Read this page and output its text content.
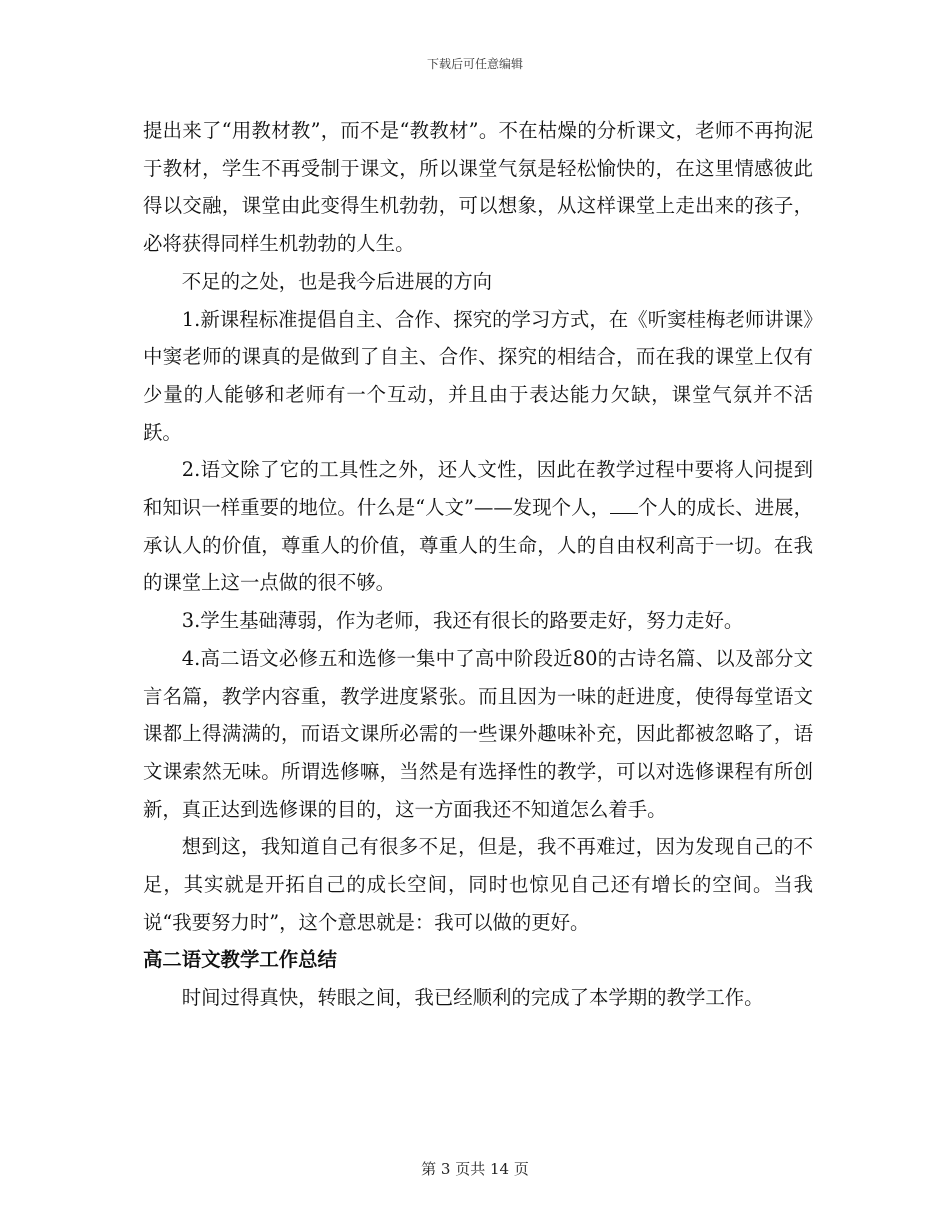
下载后可任意编辑

提出来了“用教材教”，而不是“教教材”。不在枯燥的分析课文，老师不再拘泥于教材，学生不再受制于课文，所以课堂气氛是轻松愉快的，在这里情感彼此得以交融，课堂由此变得生机勃勃，可以想象，从这样课堂上走出来的孩子，必将获得同样生机勃勃的人生。

不足的之处，也是我今后进展的方向

1.新课程标准提倡自主、合作、探究的学习方式，在《听窦桂梅老师讲课》中窦老师的课真的是做到了自主、合作、探究的相结合，而在我的课堂上仅有少量的人能够和老师有一个互动，并且由于表达能力欠缺，课堂气氛并不活跃。

2.语文除了它的工具性之外，还人文性，因此在教学过程中要将人问提到和知识一样重要的地位。什么是“人文”——发现个人， 个人的成长、进展，承认人的价值，尊重人的价值，尊重人的生命，人的自由权利高于一切。在我的课堂上这一点做的很不够。

3.学生基础薄弱，作为老师，我还有很长的路要走好，努力走好。

4.高二语文必修五和选修一集中了高中阶段近80的古诗名篇、以及部分文言名篇，教学内容重，教学进度紧张。而且因为一味的赶进度，使得每堂语文课都上得满满的，而语文课所必需的一些课外趣味补充，因此都被忽略了，语文课索然无味。所谓选修嘛，当然是有选择性的教学，可以对选修课程有所创新，真正达到选修课的目的，这一方面我还不知道怎么着手。

想到这，我知道自己有很多不足，但是，我不再难过，因为发现自己的不足，其实就是开拓自己的成长空间，同时也惊见自己还有增长的空间。当我说“我要努力时”，这个意思就是：我可以做的更好。

高二语文教学工作总结

时间过得真快，转眼之间，我已经顺利的完成了本学期的教学工作。

第 3 页共 14 页
